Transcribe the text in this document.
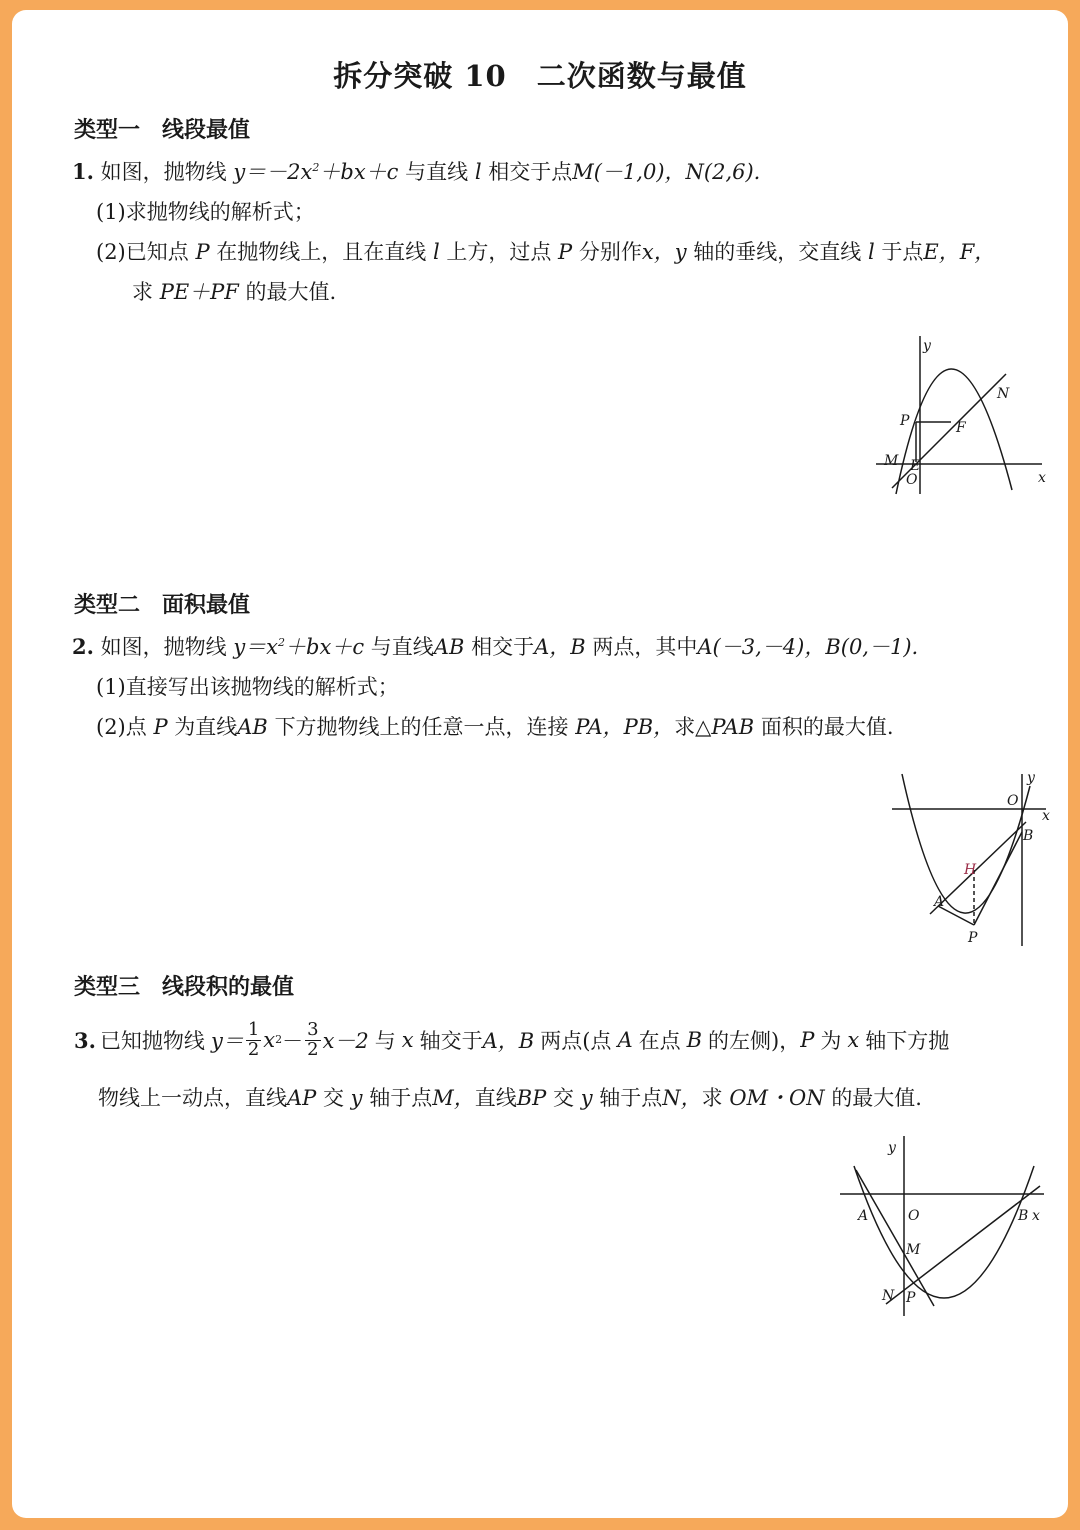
拆分突破 10　二次函数与最值
类型一　线段最值
1. 如图，抛物线 $y=-2x^2+bx+c$ 与直线 l 相交于点M(－1,0)，N(2,6).
(1)求抛物线的解析式；
(2)已知点 P 在抛物线上，且在直线 l 上方，过点 P 分别作x，y 轴的垂线，交直线 l 于点E，F，
求 PE＋PF 的最大值.
y
N
P	F
M E
O	x
类型二　面积最值
2. 如图，抛物线 $y=x^2+bx+c$ 与直线AB 相交于A，B 两点，其中A(－3,－4)，B(0,－1).
(1)直接写出该抛物线的解析式；
(2)点 P 为直线AB 下方抛物线上的任意一点，连接 PA，PB，求△PAB 面积的最大值.
y
O
x
B
H
A
P
类型三　线段积的最值
3. 已知抛物线 $y= \frac{1}{2}$ x $2 - \frac{3}{2} x-2$ 与 x 轴交于 A，B 两点(点 A 在点 B 的左侧)， P 为 x 轴下方抛
物线上一动点，直线AP 交 y 轴于点M，直线BP 交 y 轴于点N，求 OM・ON 的最大值.
y
A	O	B x
M
N P
